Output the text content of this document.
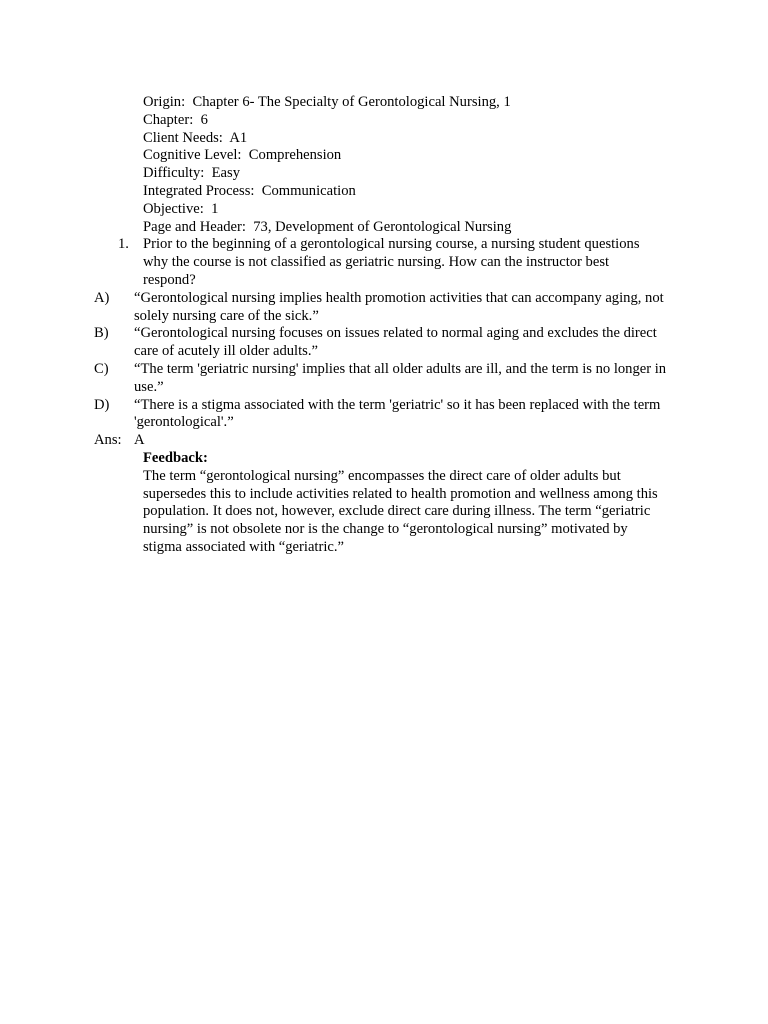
Origin:  Chapter 6- The Specialty of Gerontological Nursing, 1
Chapter:  6
Client Needs:  A1
Cognitive Level:  Comprehension
Difficulty:  Easy
Integrated Process:  Communication
Objective:  1
Page and Header:  73, Development of Gerontological Nursing
1. Prior to the beginning of a gerontological nursing course, a nursing student questions why the course is not classified as geriatric nursing. How can the instructor best respond?
A) “Gerontological nursing implies health promotion activities that can accompany aging, not solely nursing care of the sick.”
B) “Gerontological nursing focuses on issues related to normal aging and excludes the direct care of acutely ill older adults.”
C) “The term 'geriatric nursing' implies that all older adults are ill, and the term is no longer in use.”
D) “There is a stigma associated with the term 'geriatric' so it has been replaced with the term 'gerontological'.”
Ans: A
Feedback:
The term “gerontological nursing” encompasses the direct care of older adults but supersedes this to include activities related to health promotion and wellness among this population. It does not, however, exclude direct care during illness. The term “geriatric nursing” is not obsolete nor is the change to “gerontological nursing” motivated by stigma associated with “geriatric.”
